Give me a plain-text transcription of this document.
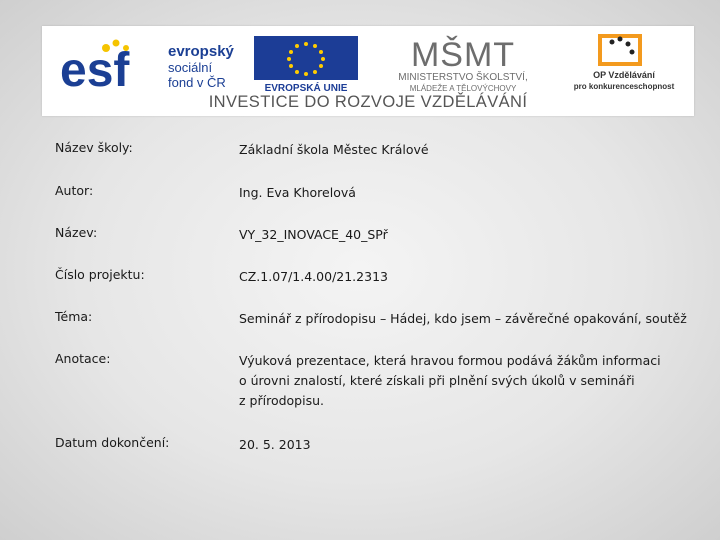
esf	evropský
sociální
fond v ČR	EVROPSKÁ UNIE
MŠMT
MINISTERSTVO ŠKOLSTVÍ,
MLÁDEŽE A TĚLOVÝCHOVY
OP Vzdělávání
pro konkurenceschopnost
INVESTICE DO ROZVOJE VZDĚLÁVÁNÍ
Název školy:	Základní škola Městec Králové
Autor:	Ing. Eva Khorelová
Název:	VY_32_INOVACE_40_SPř
Číslo projektu:	CZ.1.07/1.4.00/21.2313
Téma:	Seminář z přírodopisu – Hádej, kdo jsem – závěrečné opakování, soutěž
Anotace:	Výuková prezentace, která hravou formou podává žákům informaci
o úrovni znalostí, které získali při plnění svých úkolů v semináři
z přírodopisu.
Datum dokončení:	20. 5. 2013
